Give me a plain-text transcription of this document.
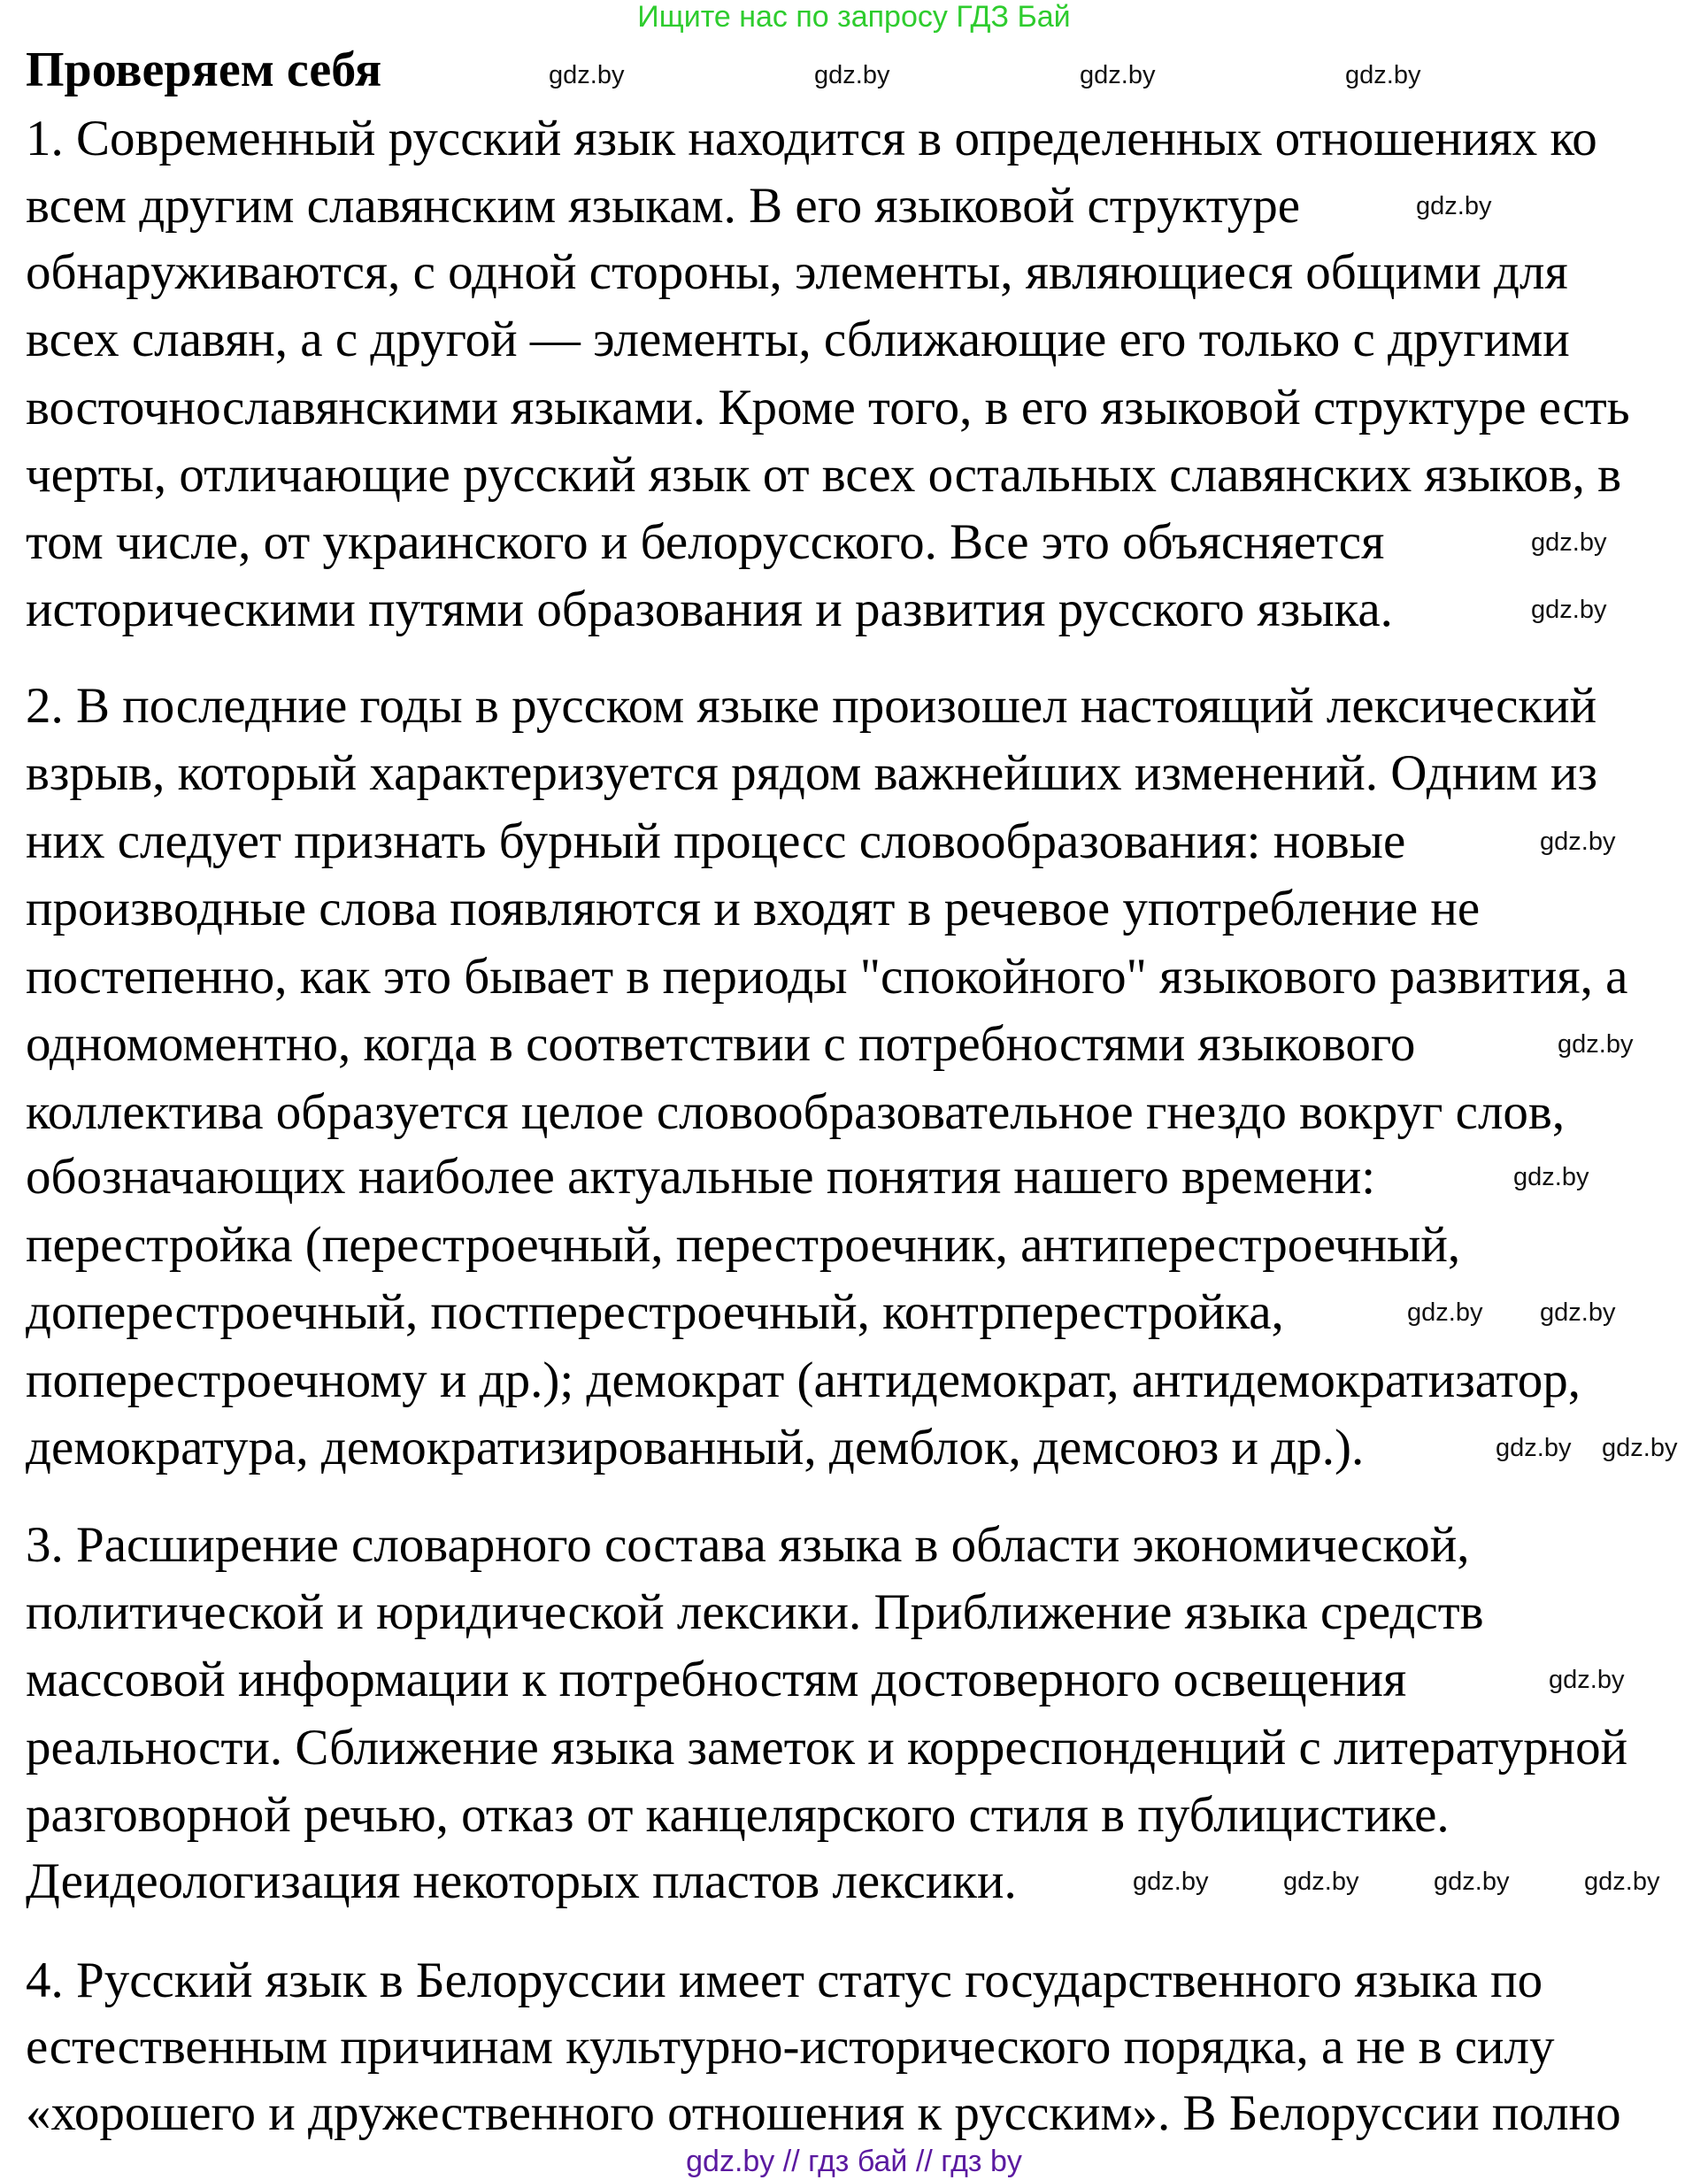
Ищите нас по запросу ГДЗ Бай
Проверяем себя
1. Современный русский язык находится в определенных отношениях ко
всем другим славянским языкам. В его языковой структуре
обнаруживаются, с одной стороны, элементы, являющиеся общими для
всех славян, а с другой — элементы, сближающие его только с другими
восточнославянскими языками. Кроме того, в его языковой структуре есть
черты, отличающие русский язык от всех остальных славянских языков, в
том числе, от украинского и белорусского. Все это объясняется
историческими путями образования и развития русского языка.
2. В последние годы в русском языке произошел настоящий лексический
взрыв, который характеризуется рядом важнейших изменений. Одним из
них следует признать бурный процесс словообразования: новые
производные слова появляются и входят в речевое употребление не
постепенно, как это бывает в периоды "спокойного" языкового развития, а
одномоментно, когда в соответствии с потребностями языкового
коллектива образуется целое словообразовательное гнездо вокруг слов,
обозначающих наиболее актуальные понятия нашего времени:
перестройка (перестроечный, перестроечник, антиперестроечный,
доперестроечный, постперестроечный, контрперестройка,
поперестроечному и др.); демократ (антидемократ, антидемократизатор,
демократура, демократизированный, демблок, демсоюз и др.).
3. Расширение словарного состава языка в области экономической,
политической и юридической лексики. Приближение языка средств
массовой информации к потребностям достоверного освещения
реальности. Сближение языка заметок и корреспонденций с литературной
разговорной речью, отказ от канцелярского стиля в публицистике.
Деидеологизация некоторых пластов лексики.
4. Русский язык в Белоруссии имеет статус государственного языка по
естественным причинам культурно-исторического порядка, а не в силу
«хорошего и дружественного отношения к русским». В Белоруссии полно
gdz.by
gdz.by
gdz.by	gdz.by	gdz.by
gdz.by
gdz.by
gdz.by
gdz.by
gdz.by
gdz.by gdz.by
gdz.by gdz.by
gdz.by
gdz.by	gdz.by	gdz.by	gdz.by
gdz.by // гдз бай // гдз by
